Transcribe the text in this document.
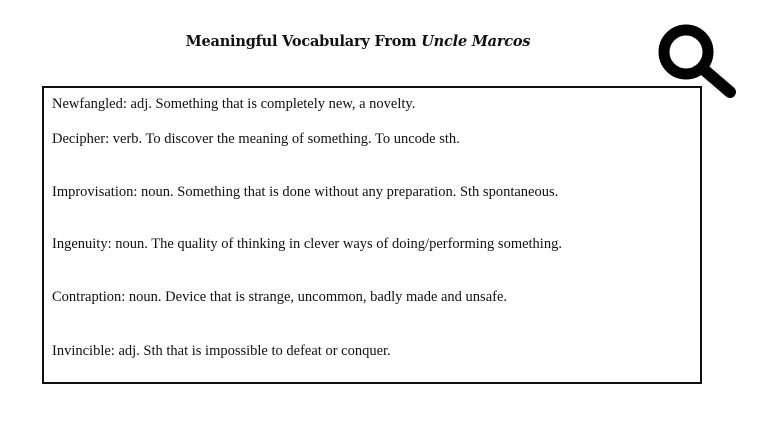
Meaningful Vocabulary From Uncle Marcos
Newfangled: adj. Something that is completely new, a novelty.
Decipher: verb. To discover the meaning of something. To uncode sth.
Improvisation: noun. Something that is done without any preparation. Sth spontaneous.
Ingenuity: noun. The quality of thinking in clever ways of doing/performing something.
Contraption: noun. Device that is strange, uncommon, badly made and unsafe.
Invincible: adj. Sth that is impossible to defeat or conquer.
